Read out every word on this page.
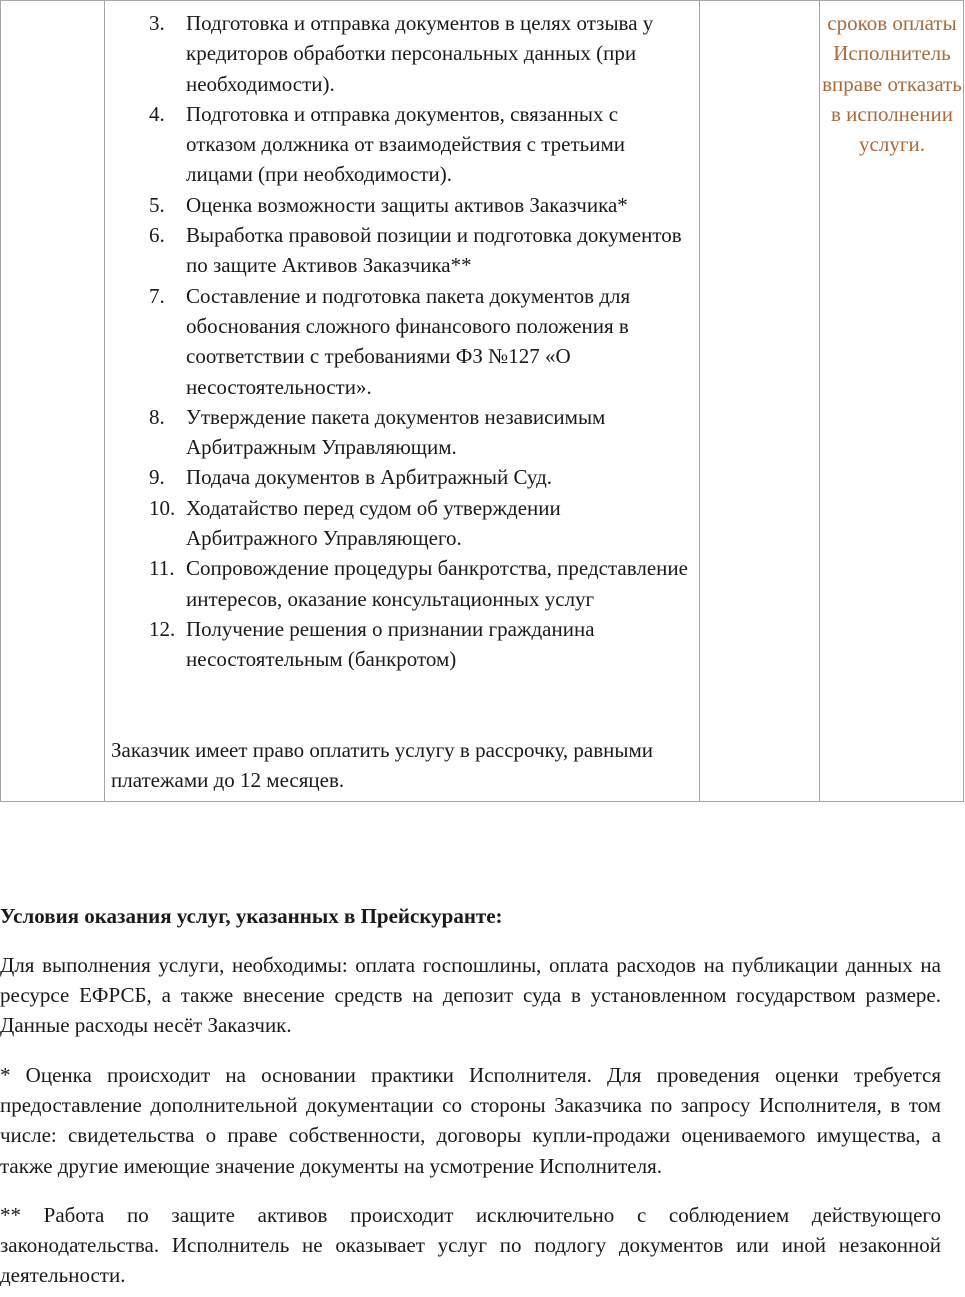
3. Подготовка и отправка документов в целях отзыва у кредиторов обработки персональных данных (при необходимости).
4. Подготовка и отправка документов, связанных с отказом должника от взаимодействия с третьими лицами (при необходимости).
5. Оценка возможности защиты активов Заказчика*
6. Выработка правовой позиции и подготовка документов по защите Активов Заказчика**
7. Составление и подготовка пакета документов для обоснования сложного финансового положения в соответствии с требованиями ФЗ №127 «О несостоятельности».
8. Утверждение пакета документов независимым Арбитражным Управляющим.
9. Подача документов в Арбитражный Суд.
10. Ходатайство перед судом об утверждении Арбитражного Управляющего.
11. Сопровождение процедуры банкротства, представление интересов, оказание консультационных услуг
12. Получение решения о признании гражданина несостоятельным (банкротом)
Заказчик имеет право оплатить услугу в рассрочку, равными платежами до 12 месяцев.
сроков оплаты Исполнитель вправе отказать в исполнении услуги.
Условия оказания услуг, указанных в Прейскуранте:
Для выполнения услуги, необходимы: оплата госпошлины, оплата расходов на публикации данных на ресурсе ЕФРСБ, а также внесение средств на депозит суда в установленном государством размере. Данные расходы несёт Заказчик.
* Оценка происходит на основании практики Исполнителя. Для проведения оценки требуется предоставление дополнительной документации со стороны Заказчика по запросу Исполнителя, в том числе: свидетельства о праве собственности, договоры купли-продажи оцениваемого имущества, а также другие имеющие значение документы на усмотрение Исполнителя.
** Работа по защите активов происходит исключительно с соблюдением действующего законодательства. Исполнитель не оказывает услуг по подлогу документов или иной незаконной деятельности.
